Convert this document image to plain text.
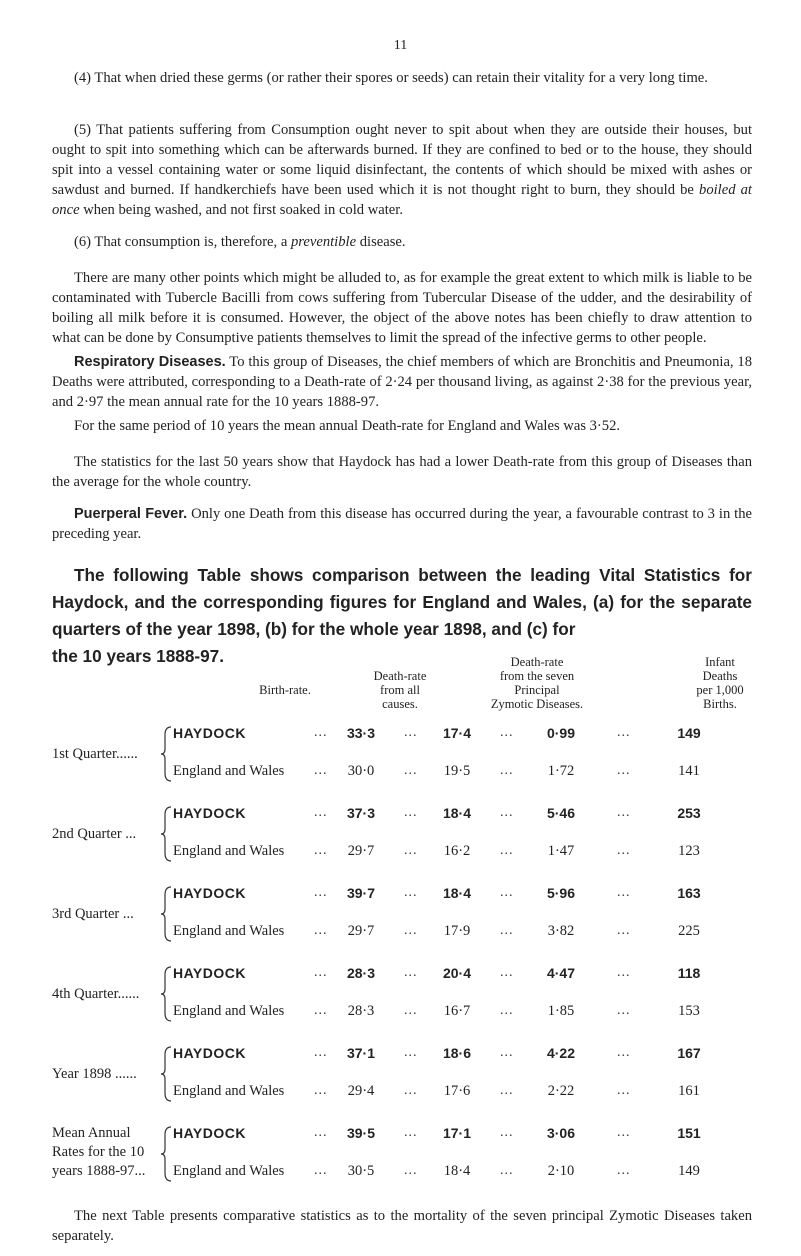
11

(4) That when dried these germs (or rather their spores or seeds) can retain their vitality for a very long time.

(5) That patients suffering from Consumption ought never to spit about when they are outside their houses, but ought to spit into something which can be afterwards burned. If they are confined to bed or to the house, they should spit into a vessel containing water or some liquid disinfectant, the contents of which should be mixed with ashes or sawdust and burned. If handkerchiefs have been used which it is not thought right to burn, they should be boiled at once when being washed, and not first soaked in cold water.

(6) That consumption is, therefore, a preventible disease.

There are many other points which might be alluded to, as for example the great extent to which milk is liable to be contaminated with Tubercle Bacilli from cows suffering from Tubercular Disease of the udder, and the desirability of boiling all milk before it is consumed. However, the object of the above notes has been chiefly to draw attention to what can be done by Consumptive patients themselves to limit the spread of the infective germs to other people.

Respiratory Diseases. To this group of Diseases, the chief members of which are Bronchitis and Pneumonia, 18 Deaths were attributed, corresponding to a Death-rate of 2·24 per thousand living, as against 2·38 for the previous year, and 2·97 the mean annual rate for the 10 years 1888-97.

For the same period of 10 years the mean annual Death-rate for England and Wales was 3·52.

The statistics for the last 50 years show that Haydock has had a lower Death-rate from this group of Diseases than the average for the whole country.

Puerperal Fever. Only one Death from this disease has occurred during the year, a favourable contrast to 3 in the preceding year.

The following Table shows comparison between the leading Vital Statistics for Haydock, and the corresponding figures for England and Wales, (a) for the separate quarters of the year 1898, (b) for the whole year 1898, and (c) for
the 10 years 1888-97.

Birth-rate.
Death-rate
from all
causes.
Death-rate
from the seven
Principal
Zymotic Diseases.
Infant
Deaths
per 1,000
Births.
1st Quarter......
HAYDOCK	...	33·3	...	17·4	...	0·99	...	149
England and Wales ...	30·0	...	19·5	...	1·72	...	141
2nd Quarter ...
HAYDOCK	...	37·3	...	18·4	...	5·46	...	253
England and Wales ...	29·7	...	16·2	...	1·47	...	123
3rd Quarter ...
HAYDOCK	...	39·7	...	18·4	...	5·96	...	163
England and Wales ...	29·7	...	17·9	...	3·82	...	225
4th Quarter......
HAYDOCK	...	28·3	...	20·4	...	4·47	...	118
England and Wales ...	28·3	...	16·7	...	1·85	...	153
Year 1898 ......
HAYDOCK	...	37·1	...	18·6	...	4·22	...	167
England and Wales ...	29·4	...	17·6	...	2·22	...	161
Mean Annual
Rates for the 10
years 1888-97...
HAYDOCK	...	39·5	...	17·1	...	3·06	...	151
England and Wales ...	30·5	...	18·4	...	2·10	...	149

The next Table presents comparative statistics as to the mortality of the seven principal Zymotic Diseases taken separately.
